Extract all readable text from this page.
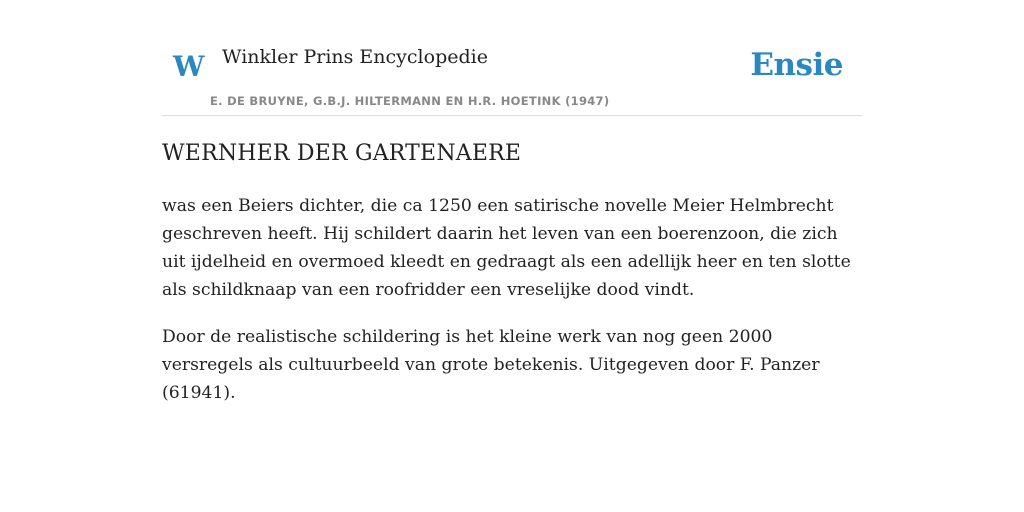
W Winkler Prins Encyclopedie
E. DE BRUYNE, G.B.J. HILTERMANN EN H.R. HOETINK (1947)
Ensie
WERNHER DER GARTENAERE

was een Beiers dichter, die ca 1250 een satirische novelle Meier Helmbrecht geschreven heeft. Hij schildert daarin het leven van een boerenzoon, die zich uit ijdelheid en overmoed kleedt en gedraagt als een adellijk heer en ten slotte als schildknaap van een roofridder een vreselijke dood vindt.

Door de realistische schildering is het kleine werk van nog geen 2000 versregels als cultuurbeeld van grote betekenis. Uitgegeven door F. Panzer (61941).
